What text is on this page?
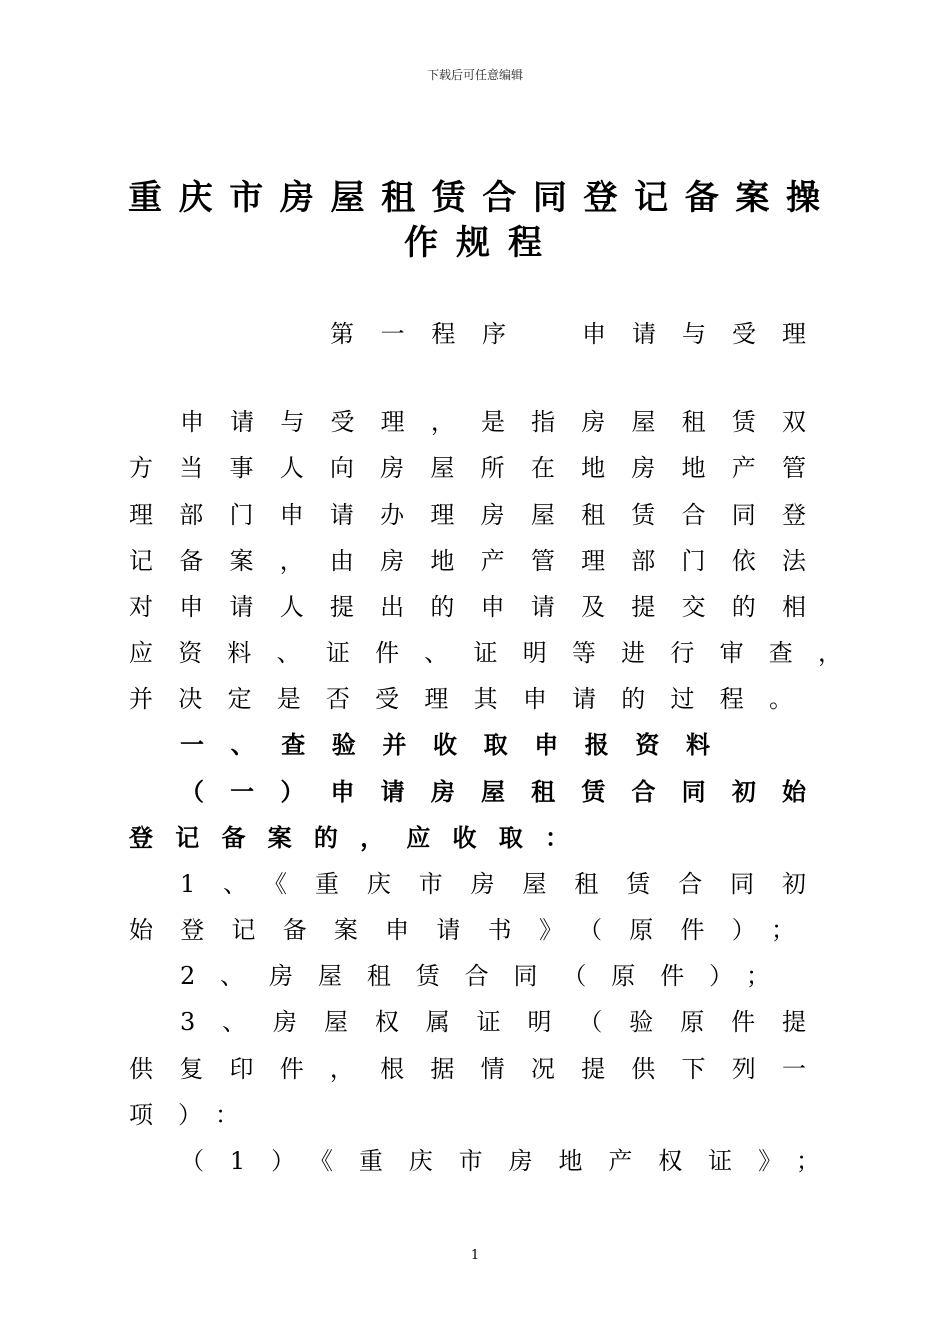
下载后可任意编辑
重庆市房屋租赁合同登记备案操
作规程
第一程序	申请与受理
申请与受理，是指房屋租赁双
方当事人向房屋所在地房地产管
理部门申请办理房屋租赁合同登
记备案，由房地产管理部门依法
对申请人提出的申请及提交的相
应资料、证件、证明等进行审查，
并决定是否受理其申请的过程。
一、查验并收取申报资料
（一）申请房屋租赁合同初始
登记备案的，应收取：
1、《重庆市房屋租赁合同初
始登记备案申请书》（原件）；
2、房屋租赁合同（原件）；
3、房屋权属证明（验原件提
供复印件，根据情况提供下列一
项）：
（1）《重庆市房地产权证》；
1
